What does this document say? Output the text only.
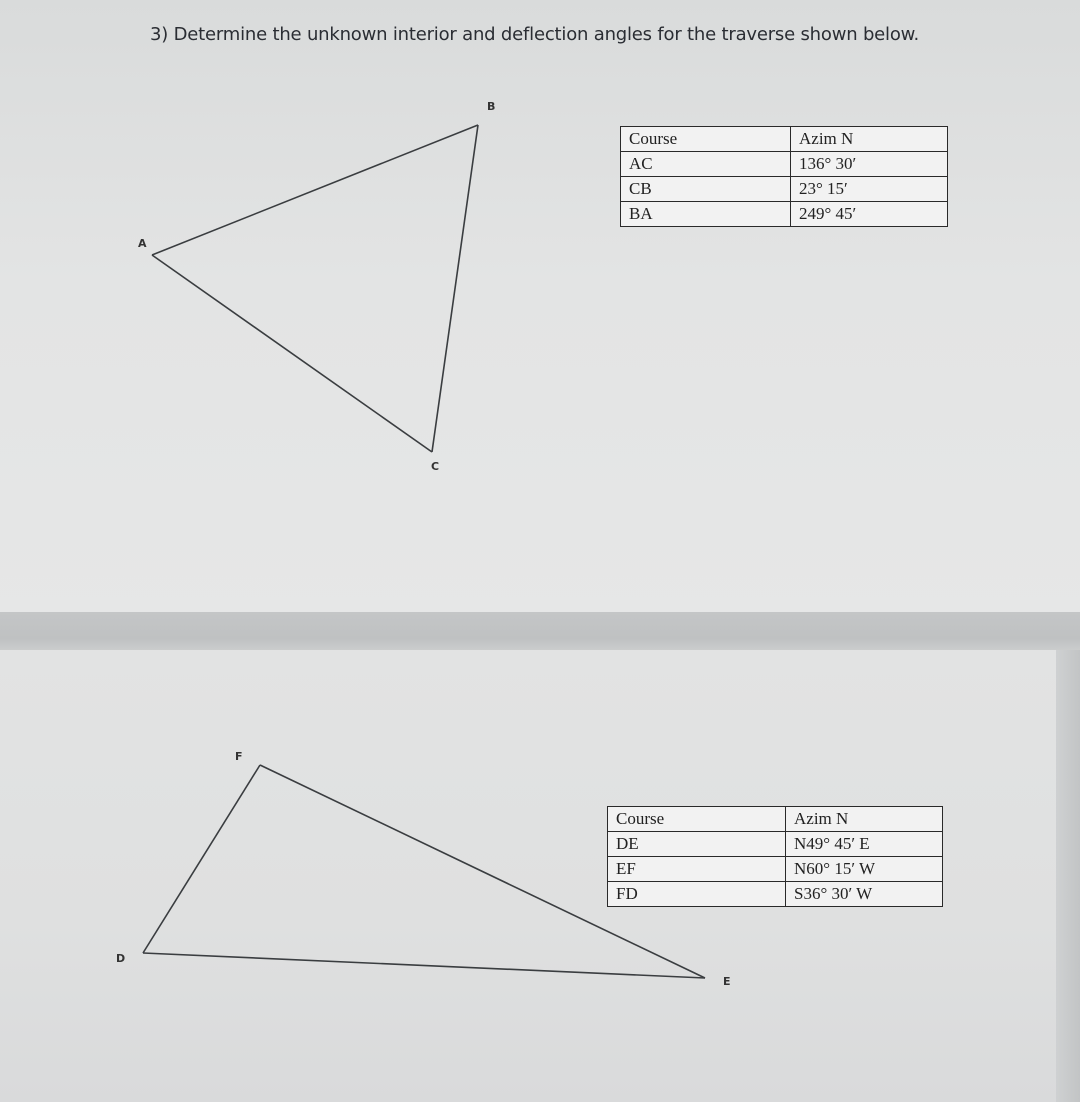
3) Determine the unknown interior and deflection angles for the traverse shown below.

A
B
C
D
E
F
Course	Azim N
AC	136° 30′
CB	23° 15′
BA	249° 45′
Course	Azim N
DE	N49° 45′ E
EF	N60° 15′ W
FD	S36° 30′ W
